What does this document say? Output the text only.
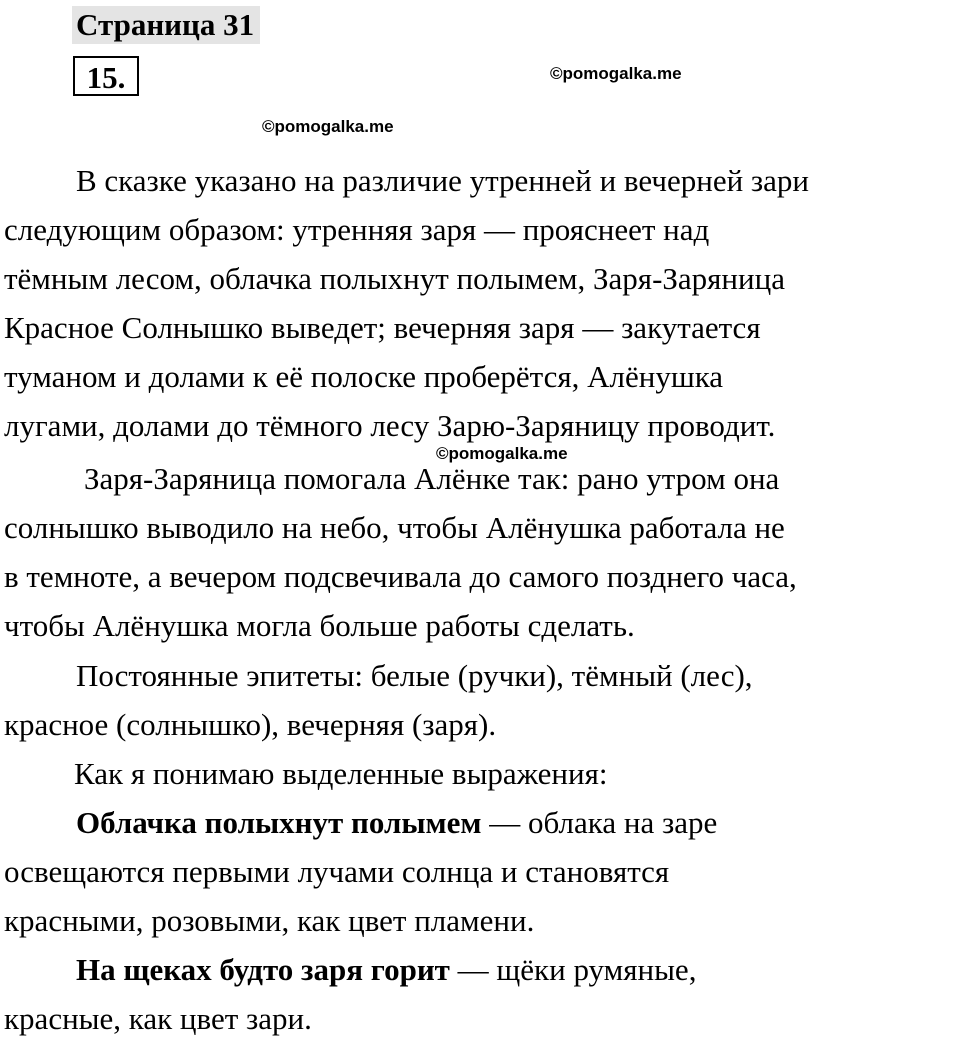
Страница 31
15.	©pomogalka.me
©pomogalka.me
В сказке указано на различие утренней и вечерней зари
следующим образом: утренняя заря — прояснеет над
тёмным лесом, облачка полыхнут полымем, Заря-Заряница
Красное Солнышко выведет; вечерняя заря — закутается
туманом и долами к её полоске проберётся, Алёнушка
лугами, долами до тёмного лесу Зарю-Заряницу проводит.
©pomogalka.me
Заря-Заряница помогала Алёнке так: рано утром она
солнышко выводило на небо, чтобы Алёнушка работала не
в темноте, а вечером подсвечивала до самого позднего часа,
чтобы Алёнушка могла больше работы сделать.
Постоянные эпитеты: белые (ручки), тёмный (лес),
красное (солнышко), вечерняя (заря).
Как я понимаю выделенные выражения:
Облачка полыхнут полымем — облака на заре
освещаются первыми лучами солнца и становятся
красными, розовыми, как цвет пламени.
На щеках будто заря горит — щёки румяные,
красные, как цвет зари.
